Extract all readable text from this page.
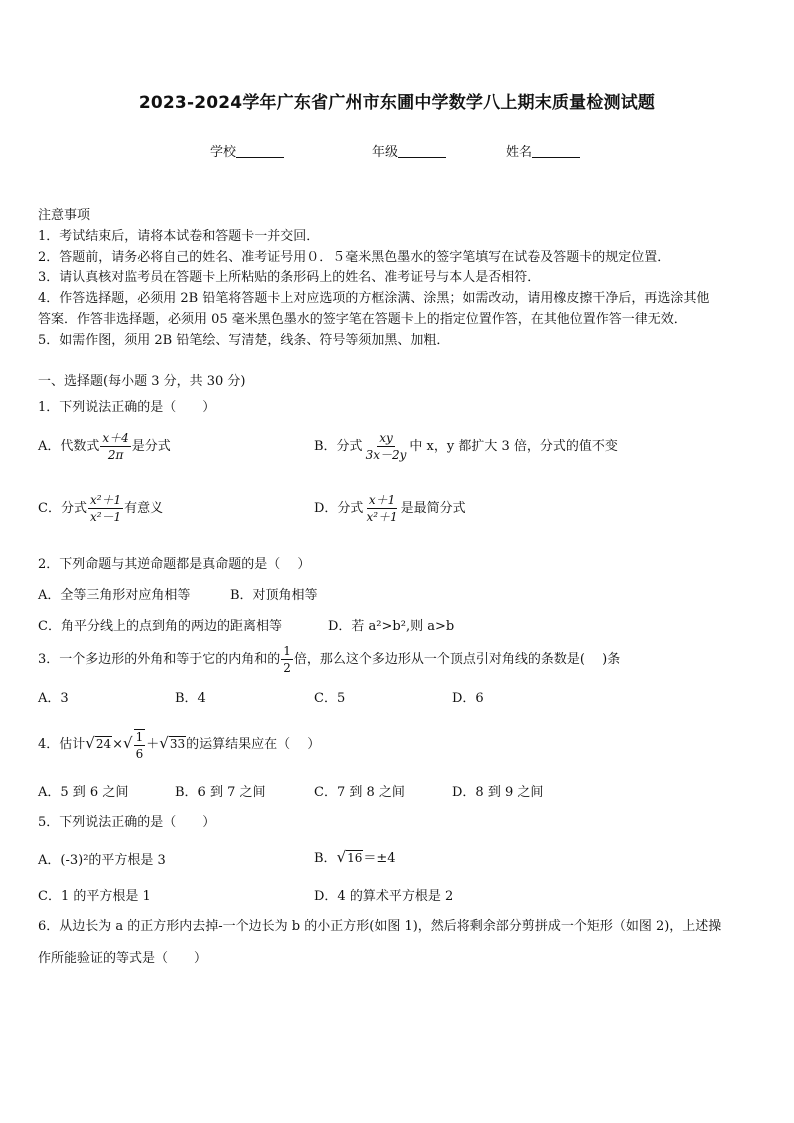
2023-2024学年广东省广州市东圃中学数学八上期末质量检测试题
学校	年级	姓名
注意事项
1．考试结束后，请将本试卷和答题卡一并交回．
2．答题前，请务必将自己的姓名、准考证号用０．５毫米黑色墨水的签字笔填写在试卷及答题卡的规定位置．
3．请认真核对监考员在答题卡上所粘贴的条形码上的姓名、准考证号与本人是否相符．
4．作答选择题，必须用 2B 铅笔将答题卡上对应选项的方框涂满、涂黑；如需改动，请用橡皮擦干净后，再选涂其他
答案．作答非选择题，必须用 05 毫米黑色墨水的签字笔在答题卡上的指定位置作答，在其他位置作答一律无效．
5．如需作图，须用 2B 铅笔绘、写清楚，线条、符号等须加黑、加粗．
一、选择题(每小题 3 分，共 30 分)
1．下列说法正确的是（　　）
A．代数式 $\frac{x+4}{2\pi}$ 是分式	B．分式 $\frac{xy}{3x-2y}$ 中 x，y 都扩大 3 倍，分式的值不变
C．分式 $\frac{\text{x²＋1}}{\text{x²－1}}$ 有意义	D．分式 $\frac{x+1}{\text{x²＋1}}$ 是最简分式
2．下列命题与其逆命题都是真命题的是（　 ）
A．全等三角形对应角相等	B．对顶角相等
C．角平分线上的点到角的两边的距离相等	D．若 a²>b²,则 a>b
3．一个多边形的外角和等于它的内角和的 $\frac{1}{2}$ 倍，那么这个多边形从一个顶点引对角线的条数是(　 )条
A．3	B．4	C．5	D．6
4．估计$√24\times√ \frac{1}{6} +√33$的运算结果应在（　 ）
A．5 到 6 之间	B．6 到 7 之间	C．7 到 8 之间	D．8 到 9 之间
5．下列说法正确的是（　　）
A．(-3)²的平方根是 3	B．√16＝±4
C．1 的平方根是 1	D．4 的算术平方根是 2
6．从边长为 a 的正方形内去掉-一个边长为 b 的小正方形(如图 1)，然后将剩余部分剪拼成一个矩形（如图 2)，上述操
作所能验证的等式是（　　）
